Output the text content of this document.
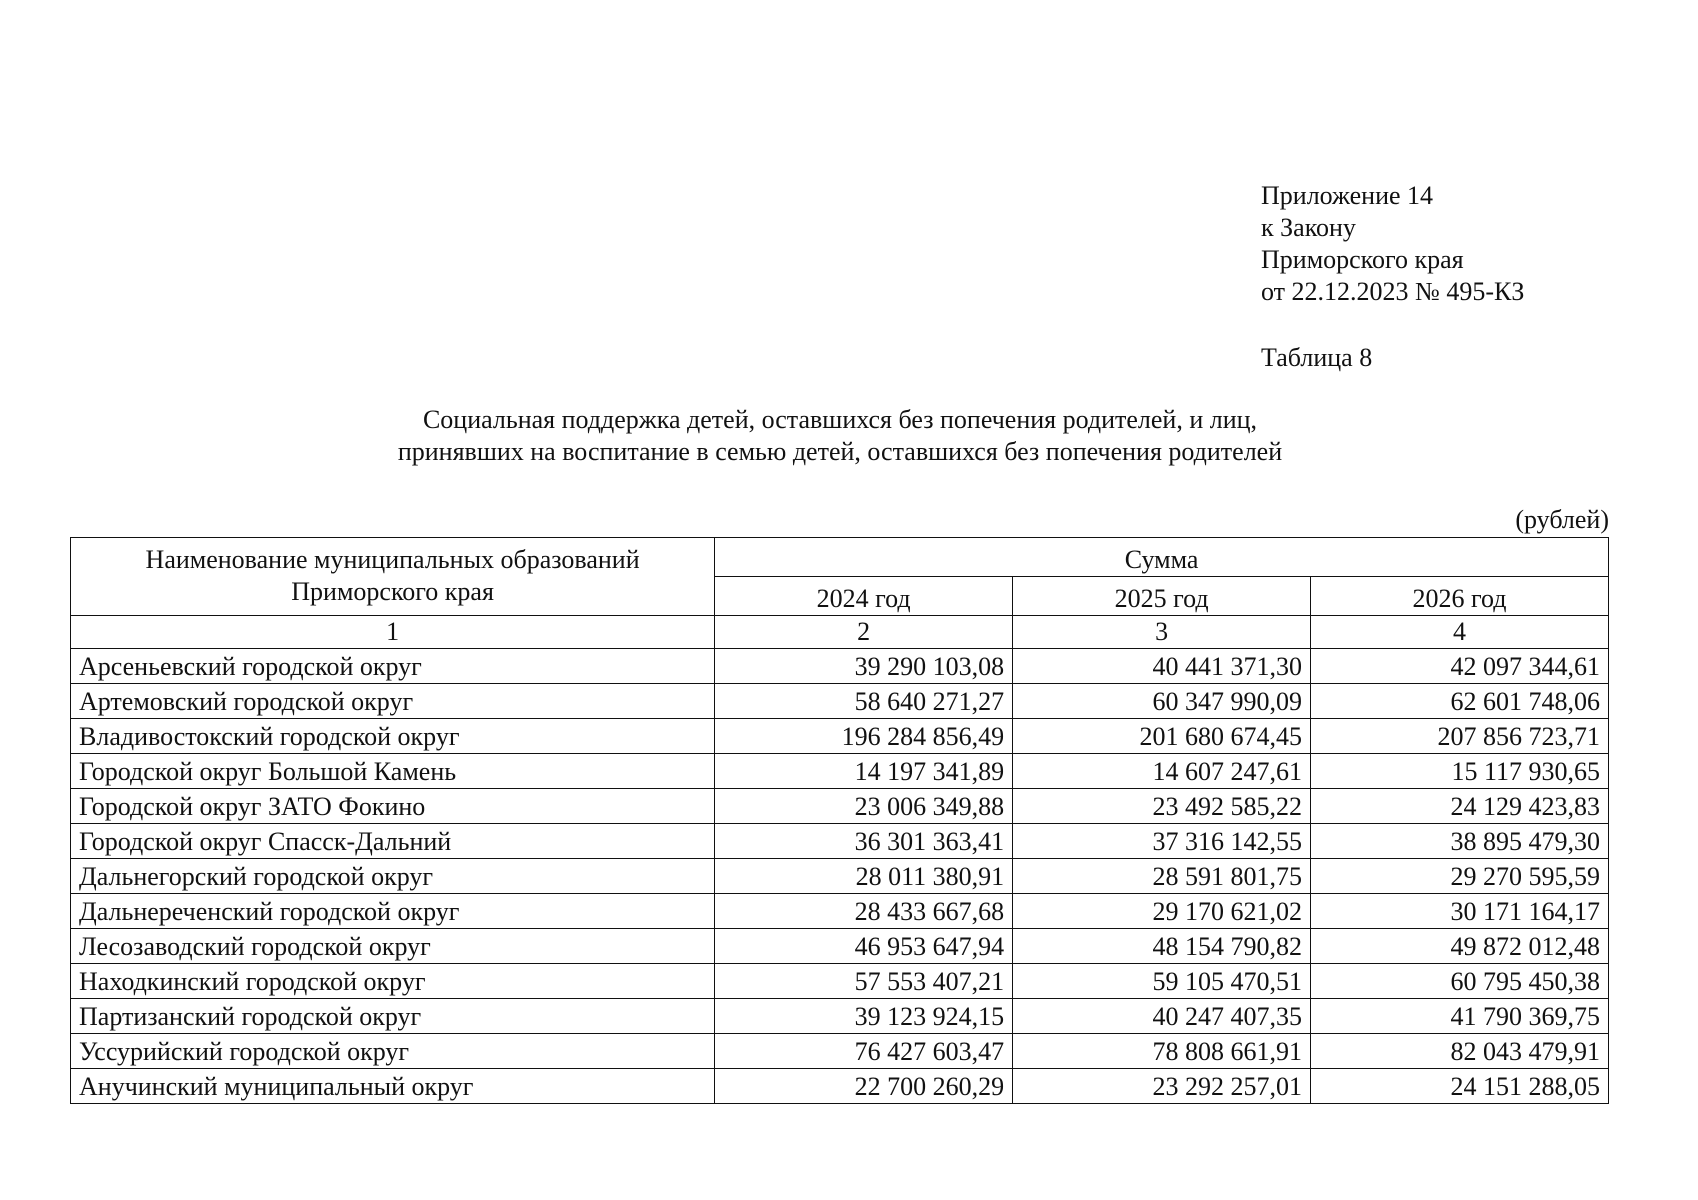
Приложение 14
к Закону
Приморского края
от 22.12.2023 № 495-КЗ
Таблица 8
Социальная поддержка детей, оставшихся без попечения родителей, и лиц,
принявших на воспитание в семью детей, оставшихся без попечения родителей
(рублей)
Наименование муниципальных образований
Приморского края	Сумма		
	2024 год	2025 год	2026 год
1	2	3	4
Арсеньевский городской округ	39 290 103,08	40 441 371,30	42 097 344,61
Артемовский городской округ	58 640 271,27	60 347 990,09	62 601 748,06
Владивостокский городской округ	196 284 856,49	201 680 674,45	207 856 723,71
Городской округ Большой Камень	14 197 341,89	14 607 247,61	15 117 930,65
Городской округ ЗАТО Фокино	23 006 349,88	23 492 585,22	24 129 423,83
Городской округ Спасск-Дальний	36 301 363,41	37 316 142,55	38 895 479,30
Дальнегорский городской округ	28 011 380,91	28 591 801,75	29 270 595,59
Дальнереченский городской округ	28 433 667,68	29 170 621,02	30 171 164,17
Лесозаводский городской округ	46 953 647,94	48 154 790,82	49 872 012,48
Находкинский городской округ	57 553 407,21	59 105 470,51	60 795 450,38
Партизанский городской округ	39 123 924,15	40 247 407,35	41 790 369,75
Уссурийский городской округ	76 427 603,47	78 808 661,91	82 043 479,91
Анучинский муниципальный округ	22 700 260,29	23 292 257,01	24 151 288,05
